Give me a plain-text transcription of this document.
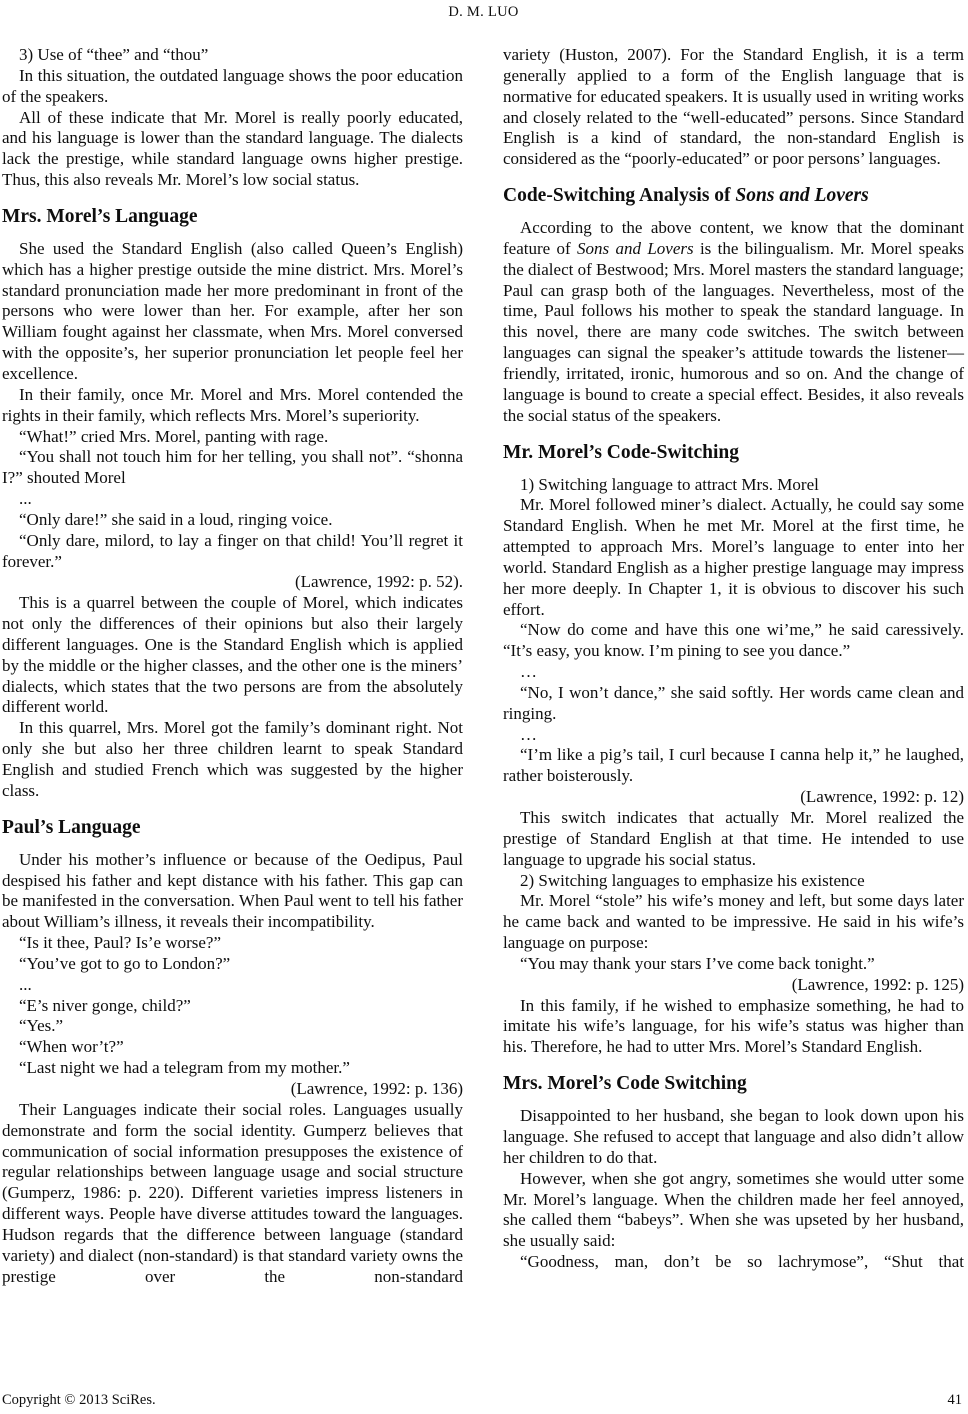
D. M. LUO
3) Use of “thee” and “thou”
In this situation, the outdated language shows the poor education of the speakers.
All of these indicate that Mr. Morel is really poorly educated, and his language is lower than the standard language. The dialects lack the prestige, while standard language owns higher prestige. Thus, this also reveals Mr. Morel’s low social status.
Mrs. Morel’s Language
She used the Standard English (also called Queen’s English) which has a higher prestige outside the mine district. Mrs. Morel’s standard pronunciation made her more predominant in front of the persons who were lower than her. For example, after her son William fought against her classmate, when Mrs. Morel conversed with the opposite’s, her superior pronunciation let people feel her excellence.
In their family, once Mr. Morel and Mrs. Morel contended the rights in their family, which reflects Mrs. Morel’s superiority.
“What!” cried Mrs. Morel, panting with rage.
“You shall not touch him for her telling, you shall not”. “shonna I?” shouted Morel
...
“Only dare!” she said in a loud, ringing voice.
“Only dare, milord, to lay a finger on that child! You’ll regret it forever.”
(Lawrence, 1992: p. 52).
This is a quarrel between the couple of Morel, which indicates not only the differences of their opinions but also their largely different languages. One is the Standard English which is applied by the middle or the higher classes, and the other one is the miners’ dialects, which states that the two persons are from the absolutely different world.
In this quarrel, Mrs. Morel got the family’s dominant right. Not only she but also her three children learnt to speak Standard English and studied French which was suggested by the higher class.
Paul’s Language
Under his mother’s influence or because of the Oedipus, Paul despised his father and kept distance with his father. This gap can be manifested in the conversation. When Paul went to tell his father about William’s illness, it reveals their incompatibility.
“Is it thee, Paul? Is’e worse?”
“You’ve got to go to London?”
...
“E’s niver gonge, child?”
“Yes.”
“When wor’t?”
“Last night we had a telegram from my mother.”
(Lawrence, 1992: p. 136)
Their Languages indicate their social roles. Languages usually demonstrate and form the social identity. Gumperz believes that communication of social information presupposes the existence of regular relationships between language usage and social structure (Gumperz, 1986: p. 220). Different varieties impress listeners in different ways. People have diverse attitudes toward the languages. Hudson regards that the difference between language (standard variety) and dialect (non-standard) is that standard variety owns the prestige over the non-standard
variety (Huston, 2007). For the Standard English, it is a term generally applied to a form of the English language that is normative for educated speakers. It is usually used in writing works and closely related to the “well-educated” persons. Since Standard English is a kind of standard, the non-standard English is considered as the “poorly-educated” or poor persons’ languages.
Code-Switching Analysis of Sons and Lovers
According to the above content, we know that the dominant feature of Sons and Lovers is the bilingualism. Mr. Morel speaks the dialect of Bestwood; Mrs. Morel masters the standard language; Paul can grasp both of the languages. Nevertheless, most of the time, Paul follows his mother to speak the standard language. In this novel, there are many code switches. The switch between languages can signal the speaker’s attitude towards the listener—friendly, irritated, ironic, humorous and so on. And the change of language is bound to create a special effect. Besides, it also reveals the social status of the speakers.
Mr. Morel’s Code-Switching
1) Switching language to attract Mrs. Morel
Mr. Morel followed miner’s dialect. Actually, he could say some Standard English. When he met Mr. Morel at the first time, he attempted to approach Mrs. Morel’s language to enter into her world. Standard English as a higher prestige language may impress her more deeply. In Chapter 1, it is obvious to discover his such effort.
“Now do come and have this one wi’me,” he said caressively. “It’s easy, you know. I’m pining to see you dance.”
…
“No, I won’t dance,” she said softly. Her words came clean and ringing.
…
“I’m like a pig’s tail, I curl because I canna help it,” he laughed, rather boisterously.
(Lawrence, 1992: p. 12)
This switch indicates that actually Mr. Morel realized the prestige of Standard English at that time. He intended to use language to upgrade his social status.
2) Switching languages to emphasize his existence
Mr. Morel “stole” his wife’s money and left, but some days later he came back and wanted to be impressive. He said in his wife’s language on purpose:
“You may thank your stars I’ve come back tonight.”
(Lawrence, 1992: p. 125)
In this family, if he wished to emphasize something, he had to imitate his wife’s language, for his wife’s status was higher than his. Therefore, he had to utter Mrs. Morel’s Standard English.
Mrs. Morel’s Code Switching
Disappointed to her husband, she began to look down upon his language. She refused to accept that language and also didn’t allow her children to do that.
However, when she got angry, sometimes she would utter some Mr. Morel’s language. When the children made her feel annoyed, she called them “babeys”. When she was upseted by her husband, she usually said:
“Goodness, man, don’t be so lachrymose”, “Shut that
Copyright © 2013 SciRes.	41
